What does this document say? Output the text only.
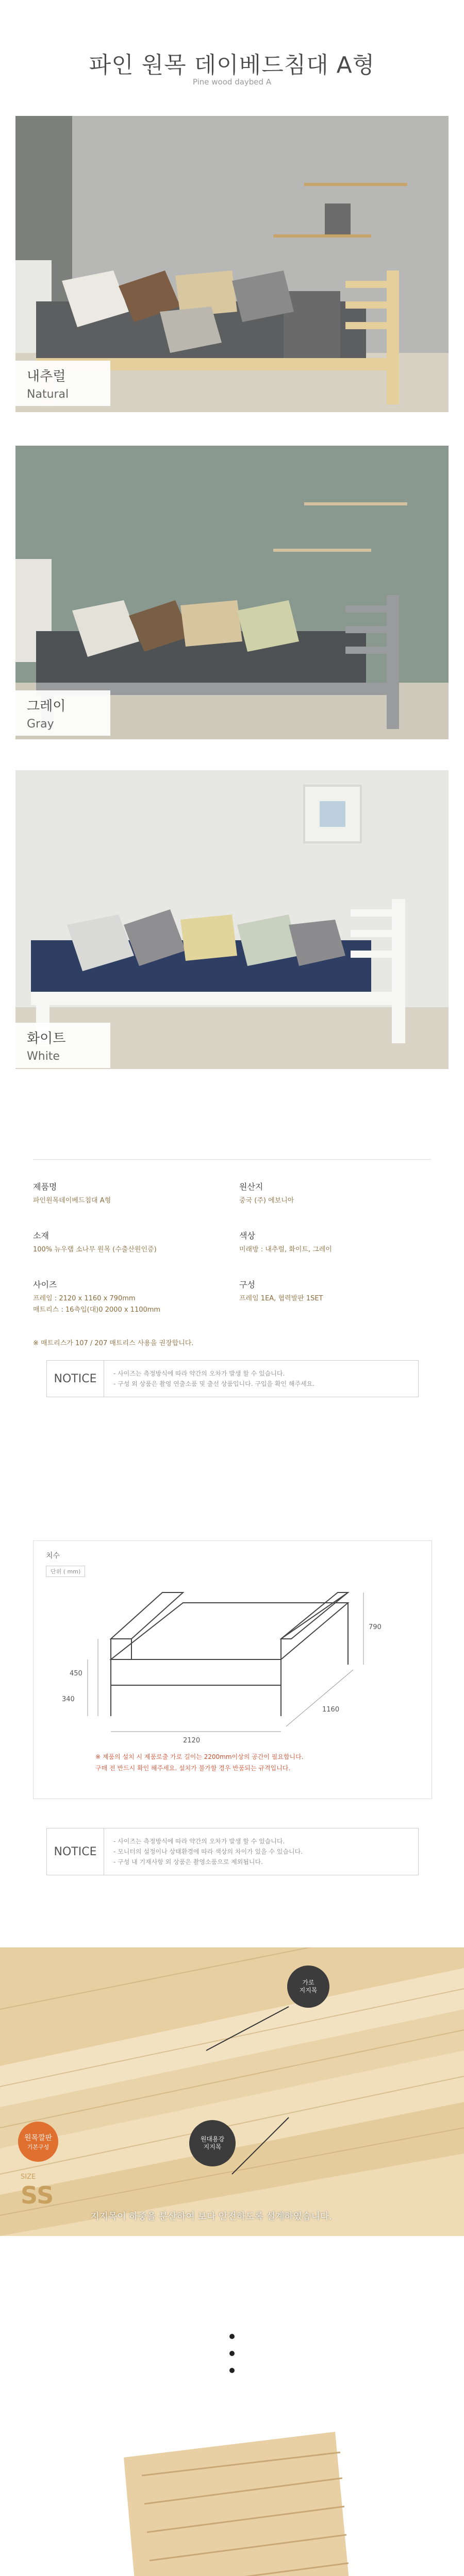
파인 원목 데이베드침대 A형
Pine wood daybed A
내추럴
Natural
그레이
Gray
화이트
White
제품명
파인원목데이베드침대 A형
원산지
중국 (주) 에보니아
소재
100% 뉴우랩 소나무 원목 (수출산원인증)
색상
미래방 : 내추럴, 화이트, 그레이
사이즈
프레임 : 2120 x 1160 x 790mm
매트리스 : 16측입(대)0 2000 x 1100mm
구성
프레임 1EA, 협력발판 1SET
※ 매트리스가 107 / 207 매트리스 사용을 권장합니다.
NOTICE	- 사이즈는 측정방식에 따라 약간의 오차가 발생 할 수 있습니다.
- 구성 외 상품은 촬영 연출소품 및 출선 상품입니다. 구입을 확인 해주세요.
치수
단위 ( mm)
2120
1160
790
450
340
※ 제품의 설치 시 제품로출 가로 길이는 2200mm이상의 공간이 필요합니다.
구매 전 반드시 확인 해주세요. 설치가 불가할 경우 반품되는 규격입니다.
NOTICE
- 사이즈는 측정방식에 따라 약간의 오차가 발생 할 수 있습니다.
- 모니터의 설정이나 상태환경에 따라 색상의 차이가 있을 수 있습니다.
- 구성 내 기재사항 외 상품은 촬영소품으로 제외됩니다.
가로
지지목
원대용강
지지목
원목깔판
기본구성
SIZE
SS
지지목이 하중을 분산하여 보다 안전하도록 설계하였습니다.
